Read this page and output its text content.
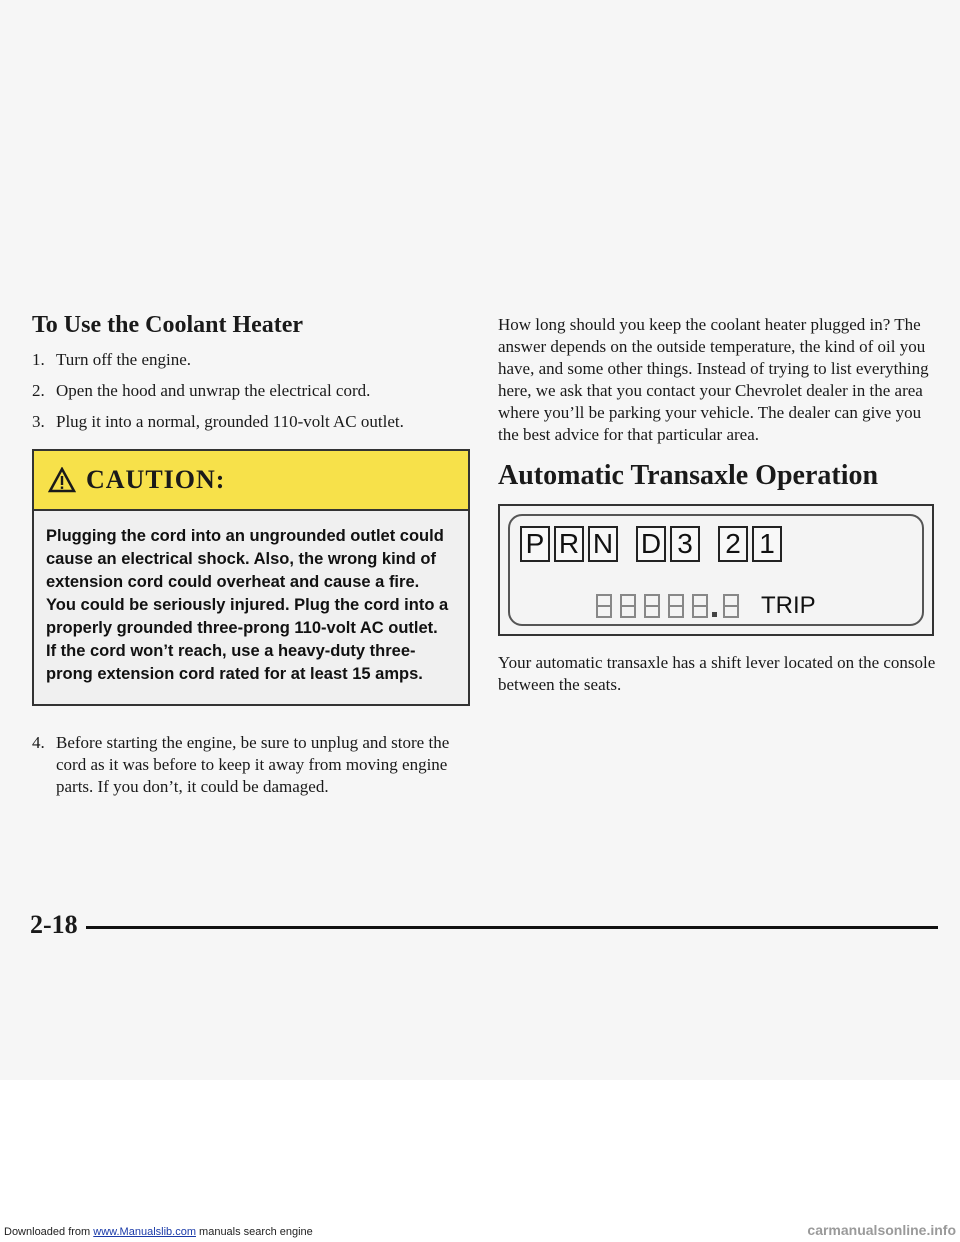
To Use the Coolant Heater
1. Turn off the engine.
2. Open the hood and unwrap the electrical cord.
3. Plug it into a normal, grounded 110-volt AC outlet.
CAUTION:
Plugging the cord into an ungrounded outlet could cause an electrical shock. Also, the wrong kind of extension cord could overheat and cause a fire. You could be seriously injured. Plug the cord into a properly grounded three-prong 110-volt AC outlet. If the cord won’t reach, use a heavy-duty three-prong extension cord rated for at least 15 amps.
4. Before starting the engine, be sure to unplug and store the cord as it was before to keep it away from moving engine parts. If you don’t, it could be damaged.

How long should you keep the coolant heater plugged in? The answer depends on the outside temperature, the kind of oil you have, and some other things. Instead of trying to list everything here, we ask that you contact your Chevrolet dealer in the area where you’ll be parking your vehicle. The dealer can give you the best advice for that particular area.

Automatic Transaxle Operation
P R N D 3 2 1
TRIP

Your automatic transaxle has a shift lever located on the console between the seats.

2-18
Downloaded from www.Manualslib.com manuals search engine	carmanualsonline.info
